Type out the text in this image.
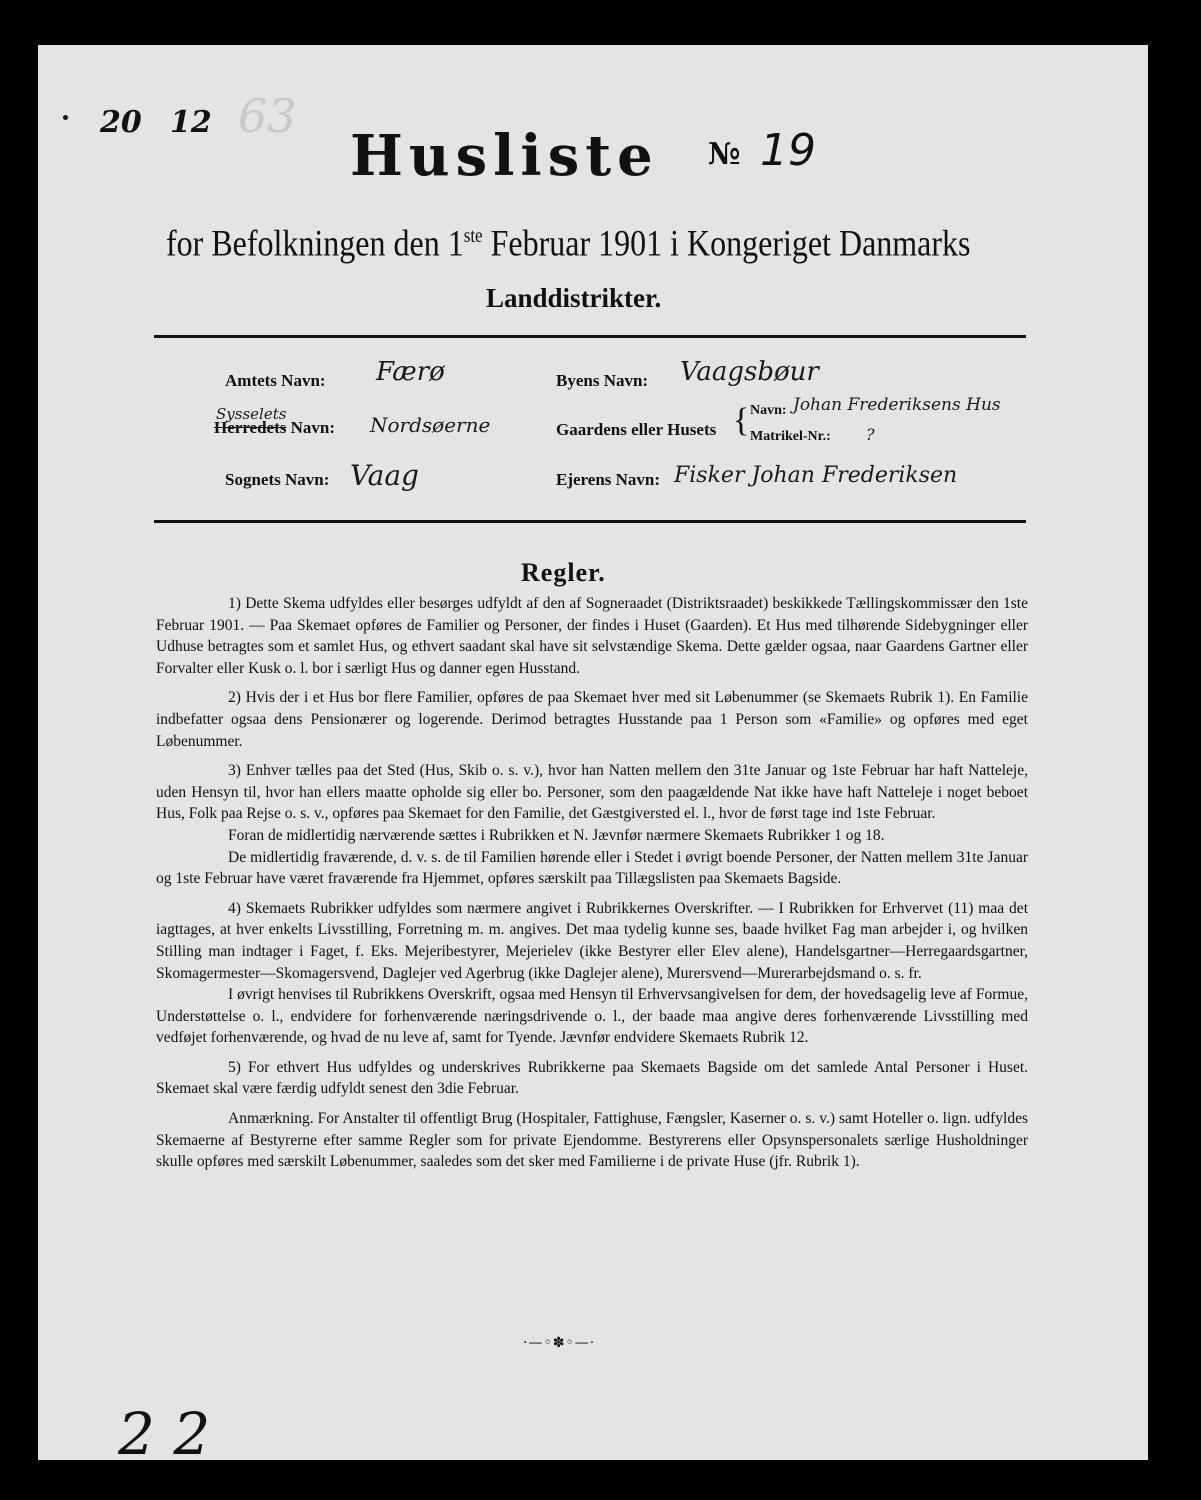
20 12 63
Husliste № 19
for Befolkningen den 1ste Februar 1901 i Kongeriget Danmarks
Landdistrikter.
Amtets Navn: Færø
Sysselets
Herredets Navn: Nordsøerne
Sognets Navn: Vaag
Byens Navn: Vaagsbøur
Gaardens eller Husets { Navn: Johan Frederiksens Hus
Matrikel-Nr.: ?
Ejerens Navn: Fisker Johan Frederiksen
Regler.

1) Dette Skema udfyldes eller besørges udfyldt af den af Sogneraadet (Distriktsraadet) beskikkede Tællingskommissær den 1ste Februar 1901. — Paa Skemaet opføres de Familier og Personer, der findes i Huset (Gaarden). Et Hus med tilhørende Sidebygninger eller Udhuse betragtes som et samlet Hus, og ethvert saadant skal have sit selvstændige Skema. Dette gælder ogsaa, naar Gaardens Gartner eller Forvalter eller Kusk o. l. bor i særligt Hus og danner egen Husstand.

2) Hvis der i et Hus bor flere Familier, opføres de paa Skemaet hver med sit Løbenummer (se Skemaets Rubrik 1). En Familie indbefatter ogsaa dens Pensionærer og logerende. Derimod betragtes Husstande paa 1 Person som «Familie» og opføres med eget Løbenummer.

3) Enhver tælles paa det Sted (Hus, Skib o. s. v.), hvor han Natten mellem den 31te Januar og 1ste Februar har haft Natteleje, uden Hensyn til, hvor han ellers maatte opholde sig eller bo. Personer, som den paagældende Nat ikke have haft Natteleje i noget beboet Hus, Folk paa Rejse o. s. v., opføres paa Skemaet for den Familie, det Gæstgiversted el. l., hvor de først tage ind 1ste Februar.

Foran de midlertidig nærværende sættes i Rubrikken et N. Jævnfør nærmere Skemaets Rubrikker 1 og 18.

De midlertidig fraværende, d. v. s. de til Familien hørende eller i Stedet i øvrigt boende Personer, der Natten mellem 31te Januar og 1ste Februar have været fraværende fra Hjemmet, opføres særskilt paa Tillægslisten paa Skemaets Bagside.

4) Skemaets Rubrikker udfyldes som nærmere angivet i Rubrikkernes Overskrifter. — I Rubrikken for Erhvervet (11) maa det iagttages, at hver enkelts Livsstilling, Forretning m. m. angives. Det maa tydelig kunne ses, baade hvilket Fag man arbejder i, og hvilken Stilling man indtager i Faget, f. Eks. Mejeribestyrer, Mejerielev (ikke Bestyrer eller Elev alene), Handelsgartner—Herregaardsgartner, Skomagermester—Skomagersvend, Daglejer ved Agerbrug (ikke Daglejer alene), Murersvend—Murerarbejdsmand o. s. fr.

I øvrigt henvises til Rubrikkens Overskrift, ogsaa med Hensyn til Erhvervsangivelsen for dem, der hovedsagelig leve af Formue, Understøttelse o. l., endvidere for forhenværende næringsdrivende o. l., der baade maa angive deres forhenværende Livsstilling med vedføjet forhenværende, og hvad de nu leve af, samt for Tyende. Jævnfør endvidere Skemaets Rubrik 12.

5) For ethvert Hus udfyldes og underskrives Rubrikkerne paa Skemaets Bagside om det samlede Antal Personer i Huset. Skemaet skal være færdig udfyldt senest den 3die Februar.

Anmærkning. For Anstalter til offentligt Brug (Hospitaler, Fattighuse, Fængsler, Kaserner o. s. v.) samt Hoteller o. lign. udfyldes Skemaerne af Bestyrerne efter samme Regler som for private Ejendomme. Bestyrerens eller Opsynspersonalets særlige Husholdninger skulle opføres med særskilt Løbenummer, saaledes som det sker med Familierne i de private Huse (jfr. Rubrik 1).

·—◦✽◦—·
2 2
